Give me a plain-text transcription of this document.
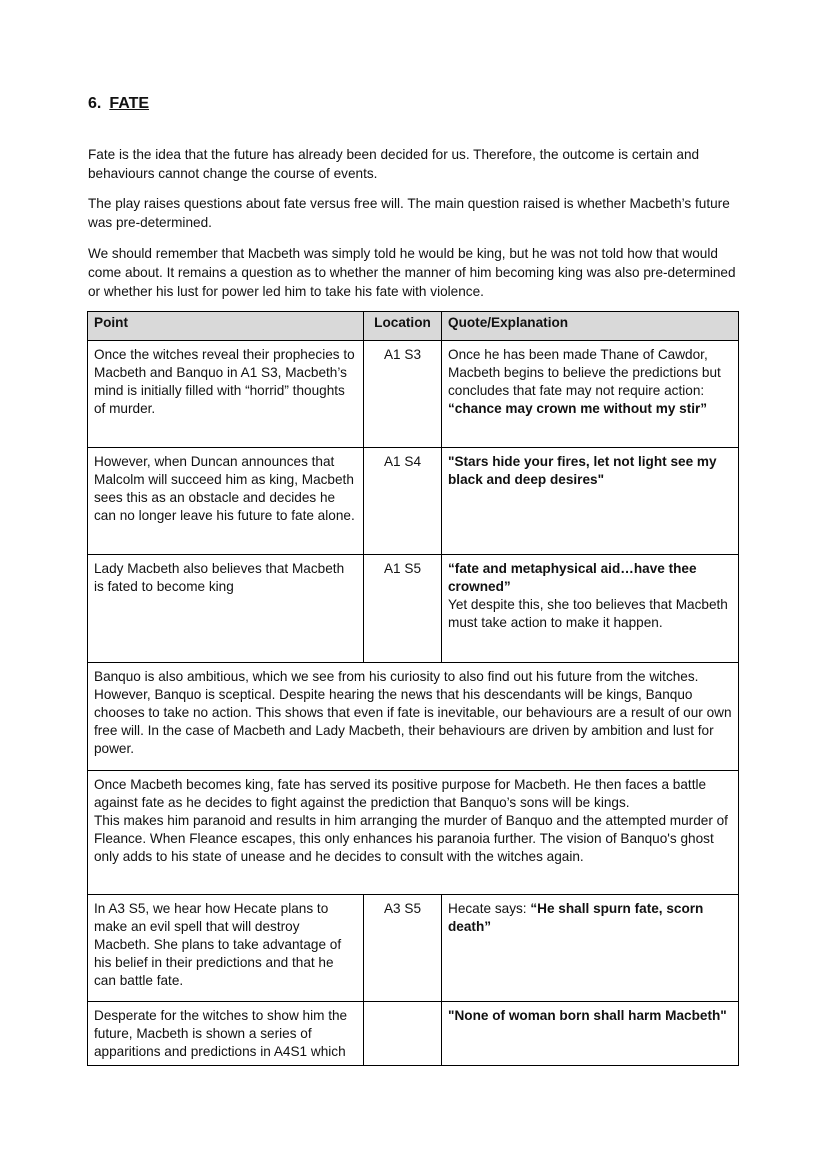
6. FATE

Fate is the idea that the future has already been decided for us. Therefore, the outcome is certain and behaviours cannot change the course of events.

The play raises questions about fate versus free will. The main question raised is whether Macbeth’s future was pre-determined.

We should remember that Macbeth was simply told he would be king, but he was not told how that would come about. It remains a question as to whether the manner of him becoming king was also pre-determined or whether his lust for power led him to take his fate with violence.

Point	Location	Quote/Explanation
Once the witches reveal their prophecies to Macbeth and Banquo in A1 S3, Macbeth’s mind is initially filled with “horrid” thoughts of murder.	A1 S3	Once he has been made Thane of Cawdor, Macbeth begins to believe the predictions but concludes that fate may not require action: “chance may crown me without my stir”
However, when Duncan announces that Malcolm will succeed him as king, Macbeth sees this as an obstacle and decides he can no longer leave his future to fate alone.	A1 S4	"Stars hide your fires, let not light see my black and deep desires"
Lady Macbeth also believes that Macbeth is fated to become king	A1 S5	“fate and metaphysical aid…have thee crowned”

Yet despite this, she too believes that Macbeth must take action to make it happen.

Banquo is also ambitious, which we see from his curiosity to also find out his future from the witches. However, Banquo is sceptical. Despite hearing the news that his descendants will be kings, Banquo chooses to take no action. This shows that even if fate is inevitable, our behaviours are a result of our own free will. In the case of Macbeth and Lady Macbeth, their behaviours are driven by ambition and lust for power.		

Once Macbeth becomes king, fate has served its positive purpose for Macbeth. He then faces a battle against fate as he decides to fight against the prediction that Banquo’s sons will be kings.

This makes him paranoid and results in him arranging the murder of Banquo and the attempted murder of Fleance. When Fleance escapes, this only enhances his paranoia further. The vision of Banquo's ghost only adds to his state of unease and he decides to consult with the witches again.		

In A3 S5, we hear how Hecate plans to make an evil spell that will destroy Macbeth. She plans to take advantage of his belief in their predictions and that he can battle fate.	A3 S5	Hecate says: “He shall spurn fate, scorn death”
Desperate for the witches to show him the future, Macbeth is shown a series of apparitions and predictions in A4S1 which		"None of woman born shall harm Macbeth"
